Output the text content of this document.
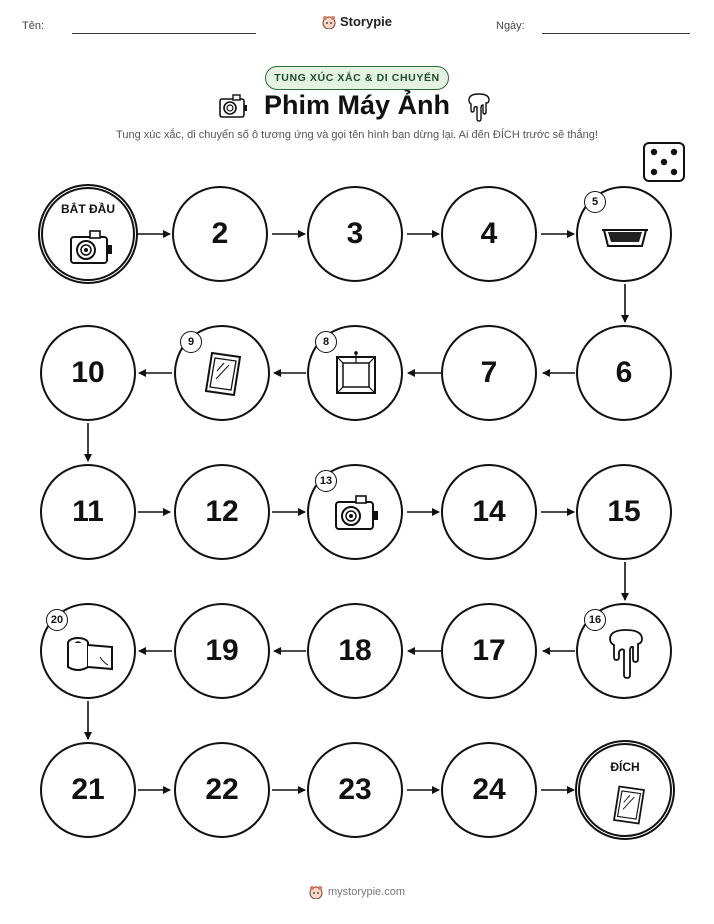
Tên:	Ngày:
Storypie
TUNG XÚC XẮC & DI CHUYỂN
Phim Máy Ảnh
Tung xúc xắc, di chuyển số ô tương ứng và gọi tên hình bạn dừng lại. Ai đến ĐÍCH trước sẽ thắng!
BẮT ĐẦU
2	3	4
5
10
9	8
7	6
11	12
13
14	15
20
19	18	17
16
21	22	23	24
ĐÍCH
mystorypie.com
